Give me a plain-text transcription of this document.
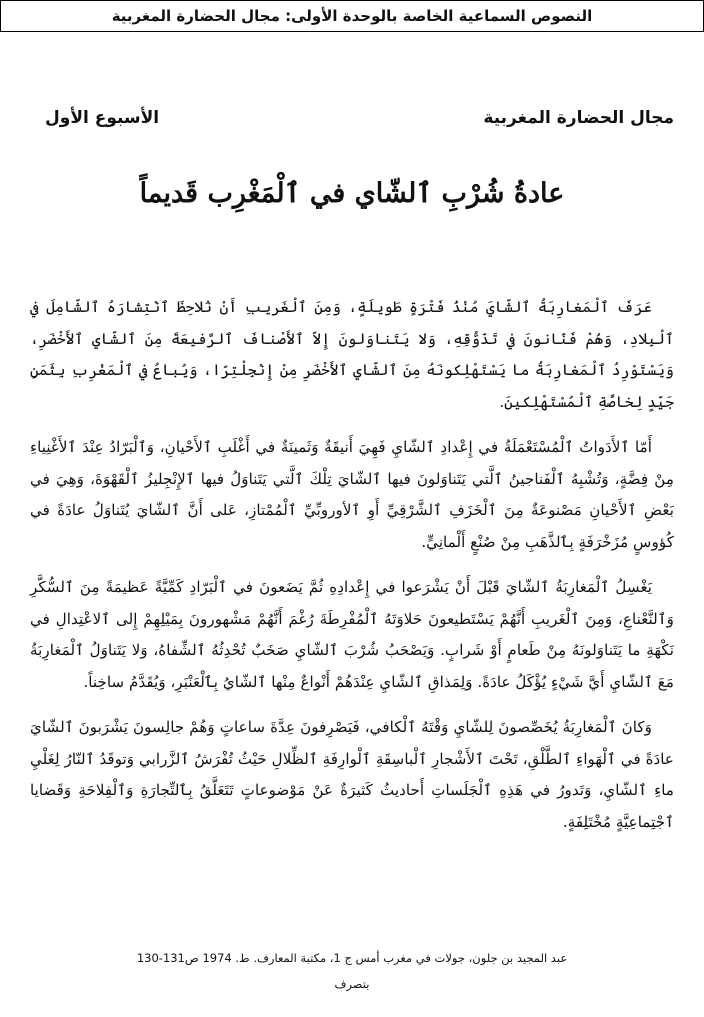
النصوص السماعية الخاصة بالوحدة الأولى: مجال الحضارة المغربية
مجال الحضارة المغربية
الأسبوع الأول
عادةُ شُرْبِ ٱلشّاي في ٱلْمَغْرِب قَديماً

عَرَفَ ٱلْمَغارِبَةُ ٱلشّايَ مُنْذُ فَتْرَةٍ طَويلَةٍ، وَمِنَ ٱلْغَريبِ أَنْ نُلاحِظَ ٱنْتِشارَهُ ٱلشّامِلَ في ٱلْبِلادِ، وَهُمْ فَنّانونَ في تَذَوُّقِهِ، وَلا يَتَناوَلونَ إِلاّ ٱلأَصْنافَ ٱلرَّفيعَةَ مِنَ ٱلشّايِ ٱلأَخْضَرِ، وَيَسْتَوْرِدُ ٱلْمَغارِبَةُ ما يَسْتَهْلِكونَهُ مِنَ ٱلشّايِ ٱلأَخْضَرِ مِنْ إِنْجِلْتِرّا، وَيُباعُ في ٱلْمَغْرِبِ بِثَمَنٍ جَيِّدٍ لِخاصَّةِ ٱلْمُسْتَهْلِكينَ.

أَمّا ٱلأَدَواتُ ٱلْمُسْتَعْمَلَةُ في إِعْدادِ ٱلشّايِ فَهِيَ أَنيقَةٌ وَثَمينَةٌ في أَغْلَبِ ٱلأَحْيانِ، وَٱلْبَرّادُ عِنْدَ ٱلأَغْنِياءِ مِنْ فِضَّةٍ، وَتُشْبِهُ ٱلْفَناجينُ ٱلَّتي يَتَناوَلونَ فيها ٱلشّايَ تِلْكَ ٱلَّتي يَتَناوَلُ فيها ٱلإِنْجِليزُ ٱلْقَهْوَةَ، وَهِيَ في بَعْضِ ٱلأَحْيانِ مَصْنوعَةٌ مِنَ ٱلْخَزَفِ ٱلشَّرْقِيِّ أَوِ ٱلأوروبِّيِّ ٱلْمُمْتازِ، عَلى أَنَّ ٱلشّايَ يُتَناوَلُ عادَةً في كُؤوسٍ مُزَخْرَفَةٍ بِٱلذَّهَبِ مِنْ صُنْعٍ أَلْمانِيٍّ.

يَغْسِلُ ٱلْمَغارِبَةُ ٱلشّايَ قَبْلَ أَنْ يَشْرَعوا في إِعْدادِهِ ثُمَّ يَضَعونَ في ٱلْبَرّادِ كَمِّيَّةً عَظيمَةً مِنَ ٱلسُّكَّرِ وَٱلنَّعْناعِ، وَمِنَ ٱلْغَريبِ أَنَّهُمْ يَسْتَطيعونَ حَلاوَتَهُ ٱلْمُفْرِطَةَ رُغْمَ أَنَّهُمْ مَشْهورونَ بِمَيْلِهِمْ إِلى ٱلاعْتِدالِ في نَكْهَةِ ما يَتَناوَلونَهُ مِنْ طَعامٍ أَوْ شَرابٍ. وَيَصْحَبُ شُرْبَ ٱلشّايِ صَخَبٌ تُحْدِثُهُ ٱلشِّفاهُ، وَلا يَتَناوَلُ ٱلْمَغارِبَةُ مَعَ ٱلشّايِ أَيَّ شَيْءٍ يُؤْكَلُ عادَةً. وَلِمَذاقِ ٱلشّايِ عِنْدَهُمْ أَنْواعٌ مِنْها ٱلشّايُ بِٱلْعَنْبَرِ، وَيُقَدَّمُ ساخِناً.

وَكانَ ٱلْمَغارِبَةُ يُخَصِّصونَ لِلشّايِ وَقْتَهُ ٱلْكافي، فَيَصْرِفونَ عِدَّةَ ساعاتٍ وَهُمْ جالِسونَ يَشْرَبونَ ٱلشّايَ عادَةً في ٱلْهَواءِ ٱلطَّلْقِ، تَحْتَ ٱلأَشْجارِ ٱلْباسِقَةِ ٱلْوارِفَةِ ٱلظِّلالِ حَيْثُ تُفْرَشُ ٱلزَّرابي وَتوقَدُ ٱلنّارُ لِغَلْيِ ماءِ ٱلشّايِ، وَتَدورُ في هَذِهِ ٱلْجَلَساتِ أَحاديثُ كَثيرَةٌ عَنْ مَوْضوعاتٍ تَتَعَلَّقُ بِٱلتِّجارَةِ وَٱلْفِلاحَةِ وَقَضايا ٱجْتِماعِيَّةٍ مُخْتَلِفَةٍ.

عبد المجيد بن جلون، جولات في مغرب أمس ج 1، مكتبة المعارف. ط. 1974 ص131-130
بتصرف
